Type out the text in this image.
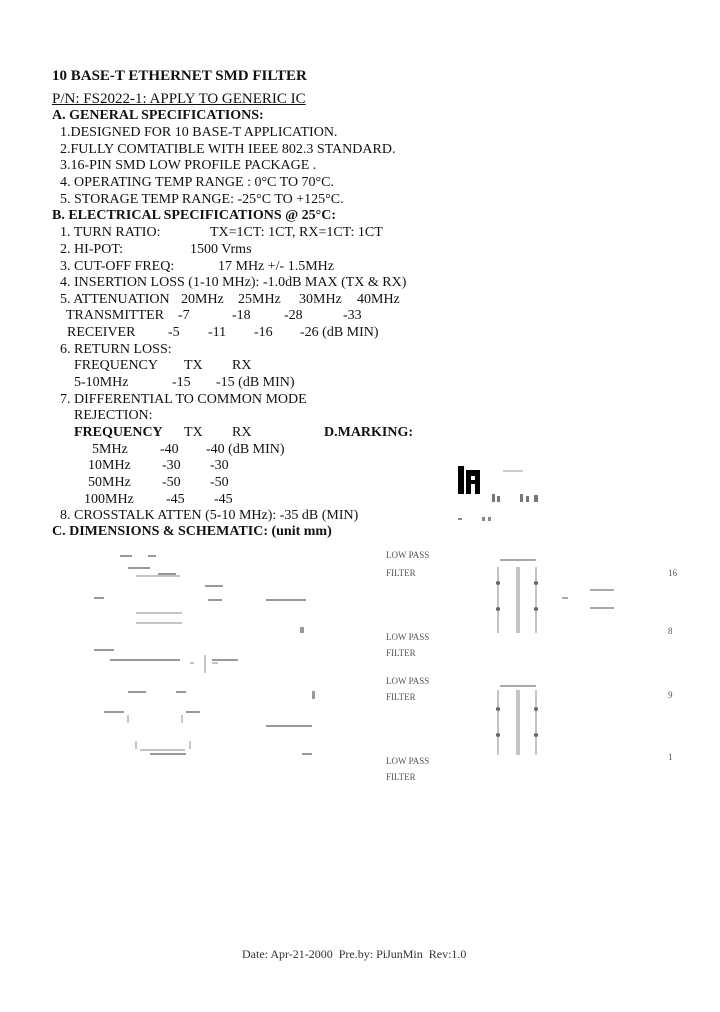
10 BASE-T ETHERNET SMD FILTER
P/N: FS2022-1: APPLY TO GENERIC IC
A. GENERAL SPECIFICATIONS:
1.DESIGNED FOR 10 BASE-T APPLICATION.
2.FULLY COMTATIBLE WITH IEEE 802.3 STANDARD.
3.16-PIN SMD LOW PROFILE PACKAGE .
4. OPERATING TEMP RANGE : 0°C TO 70°C.
5. STORAGE TEMP RANGE: -25°C TO +125°C.
B. ELECTRICAL SPECIFICATIONS @ 25°C:
1. TURN RATIO:	TX=1CT: 1CT, RX=1CT: 1CT
2. HI-POT:	1500 Vrms
3. CUT-OFF FREQ:	17 MHz +/- 1.5MHz
4. INSERTION LOSS (1-10 MHz): -1.0dB MAX (TX & RX)
5. ATTENUATION 20MHz 25MHz 30MHz 40MHz
TRANSMITTER -7	-18 -28	-33
RECEIVER -5 -11 -16 -26 (dB MIN)
6. RETURN LOSS:
FREQUENCY TX RX
5-10MHz	-15 -15 (dB MIN)
7. DIFFERENTIAL TO COMMON MODE
REJECTION:
FREQUENCY TX RX	D.MARKING:
5MHz -40 -40 (dB MIN)
10MHz -30 -30
50MHz -50 -50
100MHz -45 -45
8. CROSSTALK ATTEN (5-10 MHz): -35 dB (MIN)
C. DIMENSIONS & SCHEMATIC: (unit mm)
LOW PASS
FILTER
LOW PASS
FILTER
LOW PASS
FILTER
LOW PASS
FILTER
16
8
9
1
Date: Apr-21-2000  Pre.by: PiJunMin  Rev:1.0
